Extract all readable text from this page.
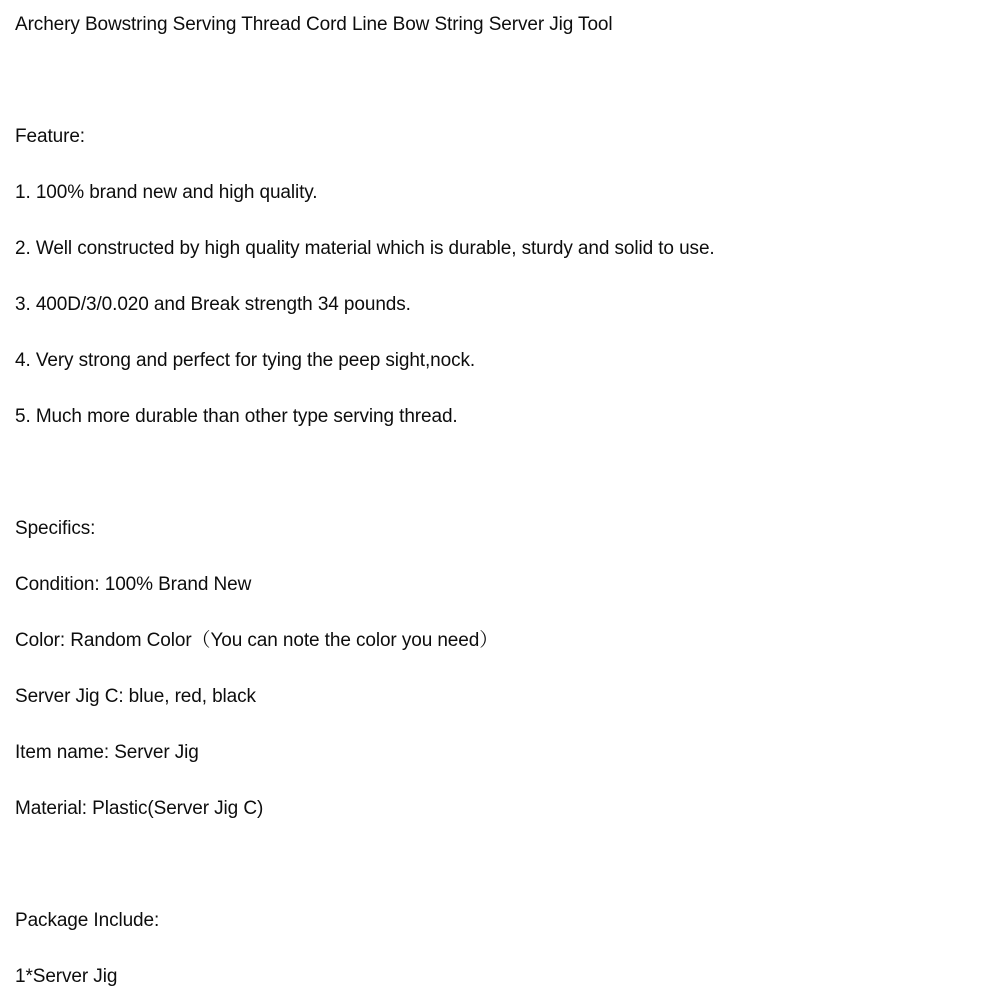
Archery Bowstring Serving Thread Cord Line Bow String Server Jig Tool
Feature:
1. 100% brand new and high quality.
2. Well constructed by high quality material which is durable, sturdy and solid to use.
3. 400D/3/0.020 and Break strength 34 pounds.
4. Very strong and perfect for tying the peep sight,nock.
5. Much more durable than other type serving thread.
Specifics:
Condition: 100% Brand New
Color: Random Color（You can note the color you need）
Server Jig C: blue, red, black
Item name: Server Jig
Material: Plastic(Server Jig C)
Package Include:
1*Server Jig
